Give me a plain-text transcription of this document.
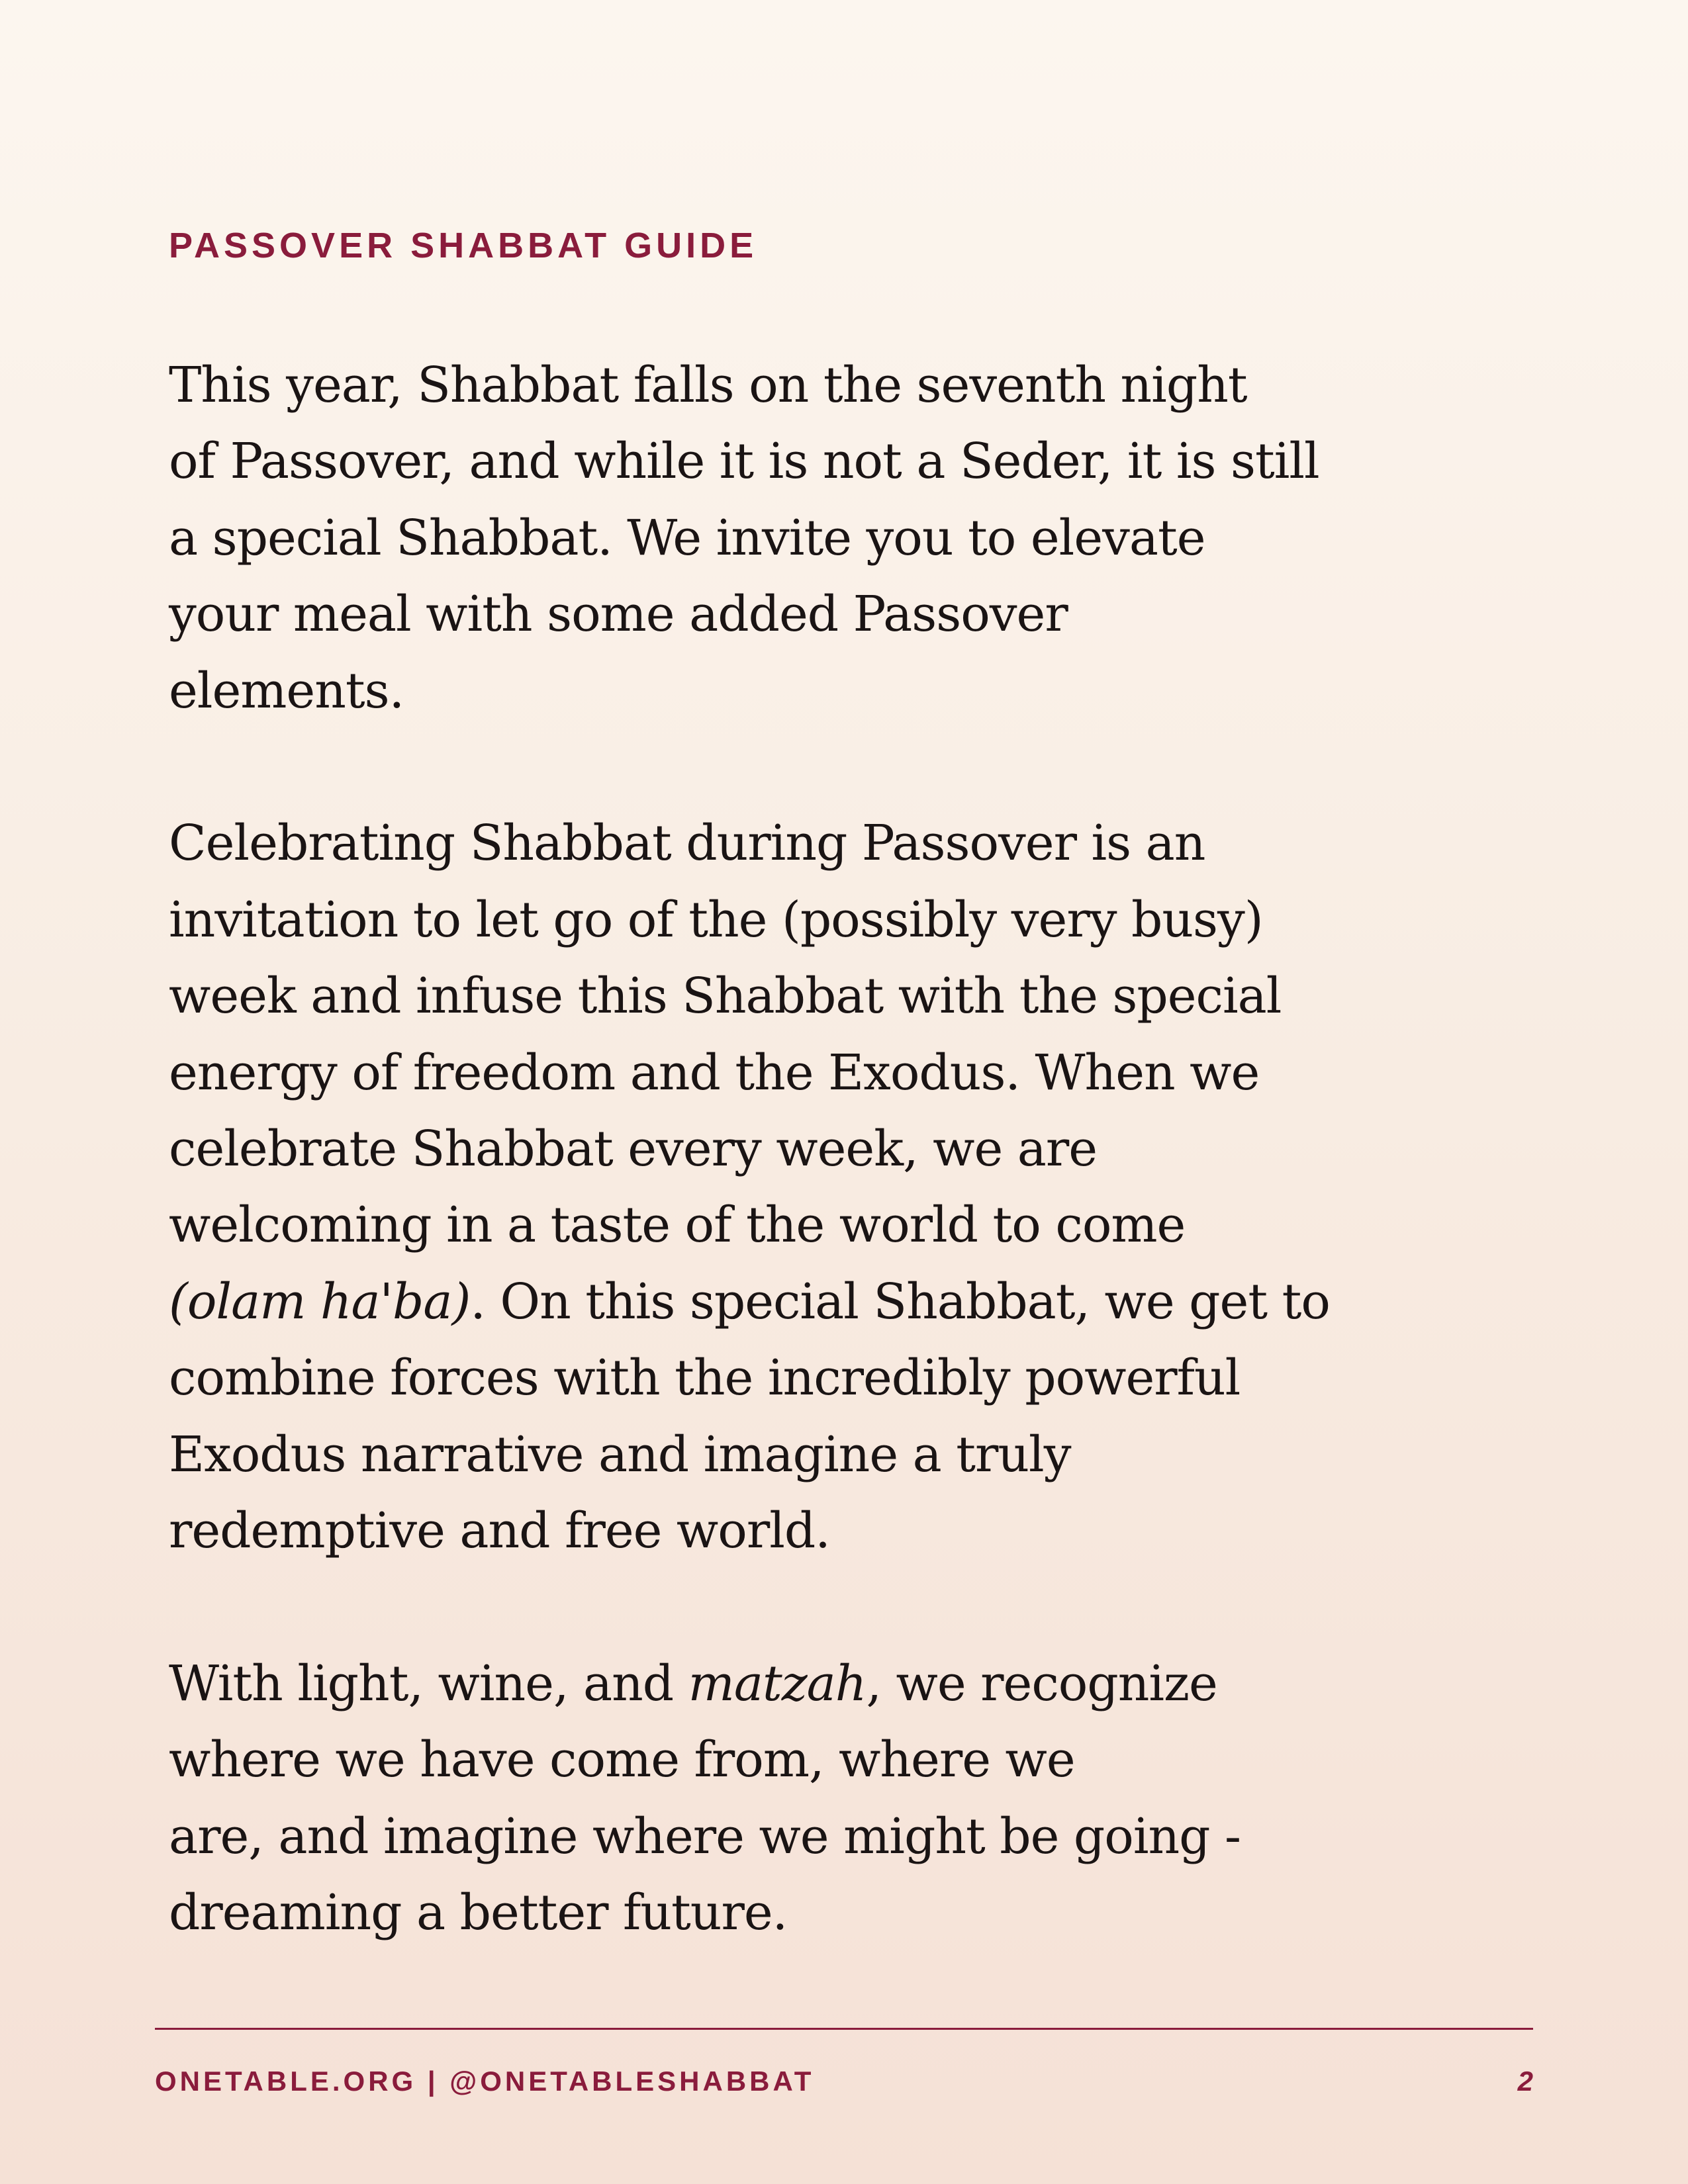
PASSOVER SHABBAT GUIDE

This year, Shabbat falls on the seventh night
of Passover, and while it is not a Seder, it is still
a special Shabbat. We invite you to elevate
your meal with some added Passover
elements.

Celebrating Shabbat during Passover is an
invitation to let go of the (possibly very busy)
week and infuse this Shabbat with the special
energy of freedom and the Exodus. When we
celebrate Shabbat every week, we are
welcoming in a taste of the world to come
(olam ha'ba). On this special Shabbat, we get to
combine forces with the incredibly powerful
Exodus narrative and imagine a truly
redemptive and free world.

With light, wine, and matzah, we recognize
where we have come from, where we
are, and imagine where we might be going -
dreaming a better future.

ONETABLE.ORG | @ONETABLESHABBAT	2
